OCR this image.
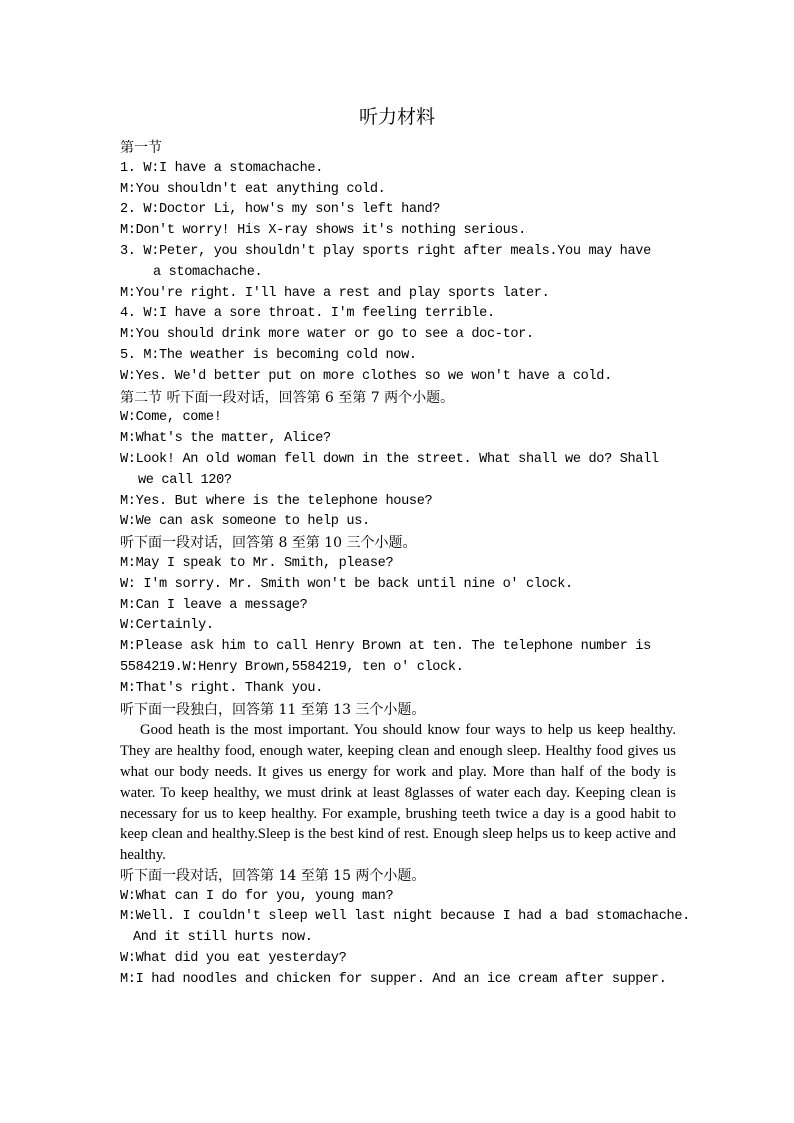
听力材料
第一节
1. W:I have a stomachache.
M:You shouldn't eat anything cold.
2. W:Doctor Li, how's my son's left hand?
M:Don't worry! His X-ray shows it's nothing serious.
3. W:Peter, you shouldn't play sports right after meals.You may have
a stomachache.
M:You're right. I'll have a rest and play sports later.
4. W:I have a sore throat. I'm feeling terrible.
M:You should drink more water or go to see a doc-tor.
5. M:The weather is becoming cold now.
W:Yes. We'd better put on more clothes so we won't have a cold.
第二节 听下面一段对话，回答第 6 至第 7 两个小题。
W:Come, come!
M:What's the matter, Alice?
W:Look! An old woman fell down in the street. What shall we do? Shall
we call 120?
M:Yes. But where is the telephone house?
W:We can ask someone to help us.
听下面一段对话，回答第 8 至第 10 三个小题。
M:May I speak to Mr. Smith, please?
W: I'm sorry. Mr. Smith won't be back until nine o' clock.
M:Can I leave a message?
W:Certainly.
M:Please ask him to call Henry Brown at ten. The telephone number is
5584219.W:Henry Brown,5584219, ten o' clock.
M:That's right. Thank you.
听下面一段独白，回答第 11 至第 13 三个小题。

Good heath is the most important. You should know four ways to help us keep healthy. They are healthy food, enough water, keeping clean and enough sleep. Healthy food gives us what our body needs. It gives us energy for work and play. More than half of the body is water. To keep healthy, we must drink at least 8glasses of water each day. Keeping clean is necessary for us to keep healthy. For example, brushing teeth twice a day is a good habit to keep clean and healthy.Sleep is the best kind of rest. Enough sleep helps us to keep active and healthy.

听下面一段对话，回答第 14 至第 15 两个小题。
W:What can I do for you, young man?
M:Well. I couldn't sleep well last night because I had a bad stomachache.
And it still hurts now.
W:What did you eat yesterday?
M:I had noodles and chicken for supper. And an ice cream after supper.
